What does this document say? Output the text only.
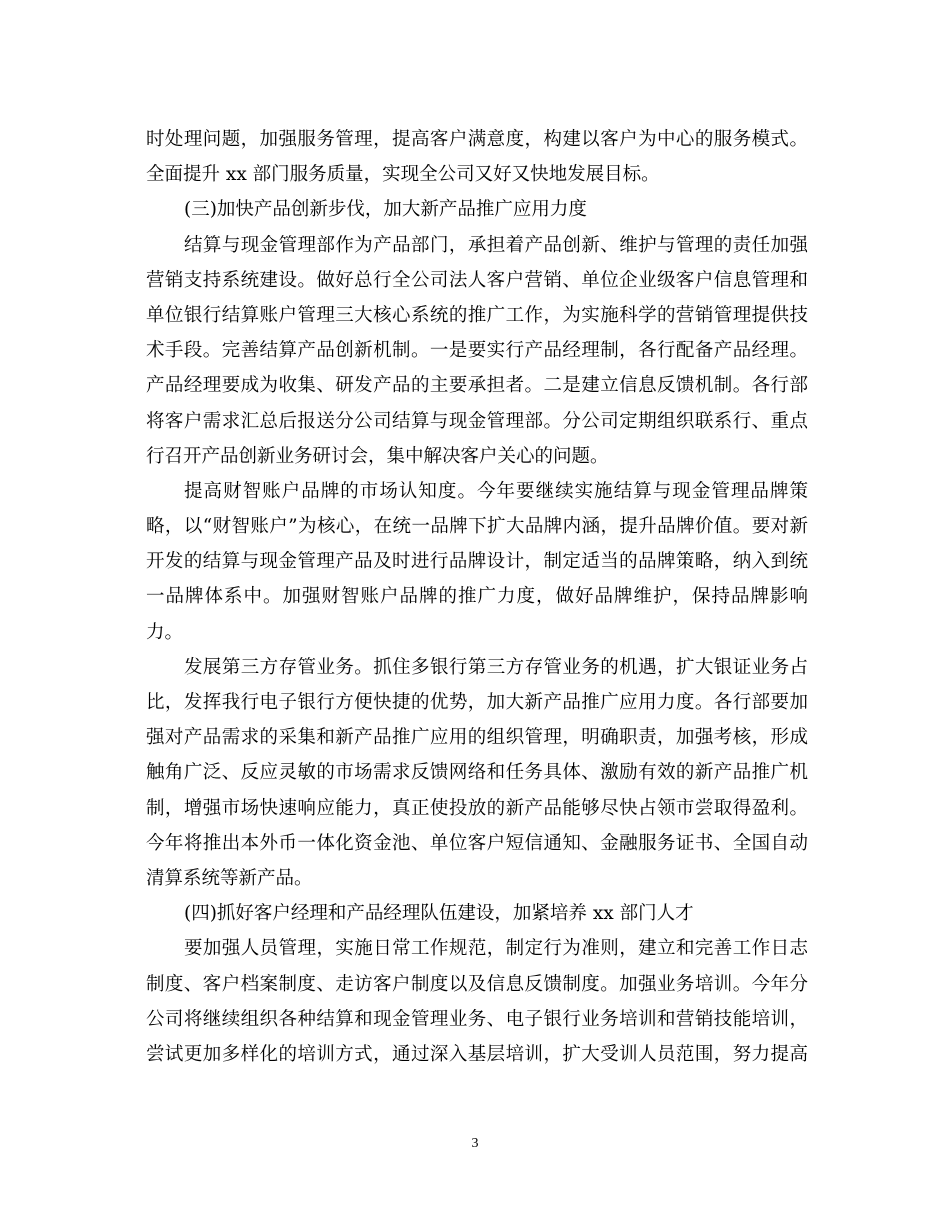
时处理问题，加强服务管理，提高客户满意度，构建以客户为中心的服务模式。
全面提升 xx 部门服务质量，实现全公司又好又快地发展目标。
(三)加快产品创新步伐，加大新产品推广应用力度
结算与现金管理部作为产品部门，承担着产品创新、维护与管理的责任加强
营销支持系统建设。做好总行全公司法人客户营销、单位企业级客户信息管理和
单位银行结算账户管理三大核心系统的推广工作，为实施科学的营销管理提供技
术手段。完善结算产品创新机制。一是要实行产品经理制，各行配备产品经理。
产品经理要成为收集、研发产品的主要承担者。二是建立信息反馈机制。各行部
将客户需求汇总后报送分公司结算与现金管理部。分公司定期组织联系行、重点
行召开产品创新业务研讨会，集中解决客户关心的问题。
提高财智账户品牌的市场认知度。今年要继续实施结算与现金管理品牌策
略，以“财智账户”为核心，在统一品牌下扩大品牌内涵，提升品牌价值。要对新
开发的结算与现金管理产品及时进行品牌设计，制定适当的品牌策略，纳入到统
一品牌体系中。加强财智账户品牌的推广力度，做好品牌维护，保持品牌影响
力。
发展第三方存管业务。抓住多银行第三方存管业务的机遇，扩大银证业务占
比，发挥我行电子银行方便快捷的优势，加大新产品推广应用力度。各行部要加
强对产品需求的采集和新产品推广应用的组织管理，明确职责，加强考核，形成
触角广泛、反应灵敏的市场需求反馈网络和任务具体、激励有效的新产品推广机
制，增强市场快速响应能力，真正使投放的新产品能够尽快占领市尝取得盈利。
今年将推出本外币一体化资金池、单位客户短信通知、金融服务证书、全国自动
清算系统等新产品。
(四)抓好客户经理和产品经理队伍建设，加紧培养 xx 部门人才
要加强人员管理，实施日常工作规范，制定行为准则，建立和完善工作日志
制度、客户档案制度、走访客户制度以及信息反馈制度。加强业务培训。今年分
公司将继续组织各种结算和现金管理业务、电子银行业务培训和营销技能培训，
尝试更加多样化的培训方式，通过深入基层培训，扩大受训人员范围，努力提高
3
